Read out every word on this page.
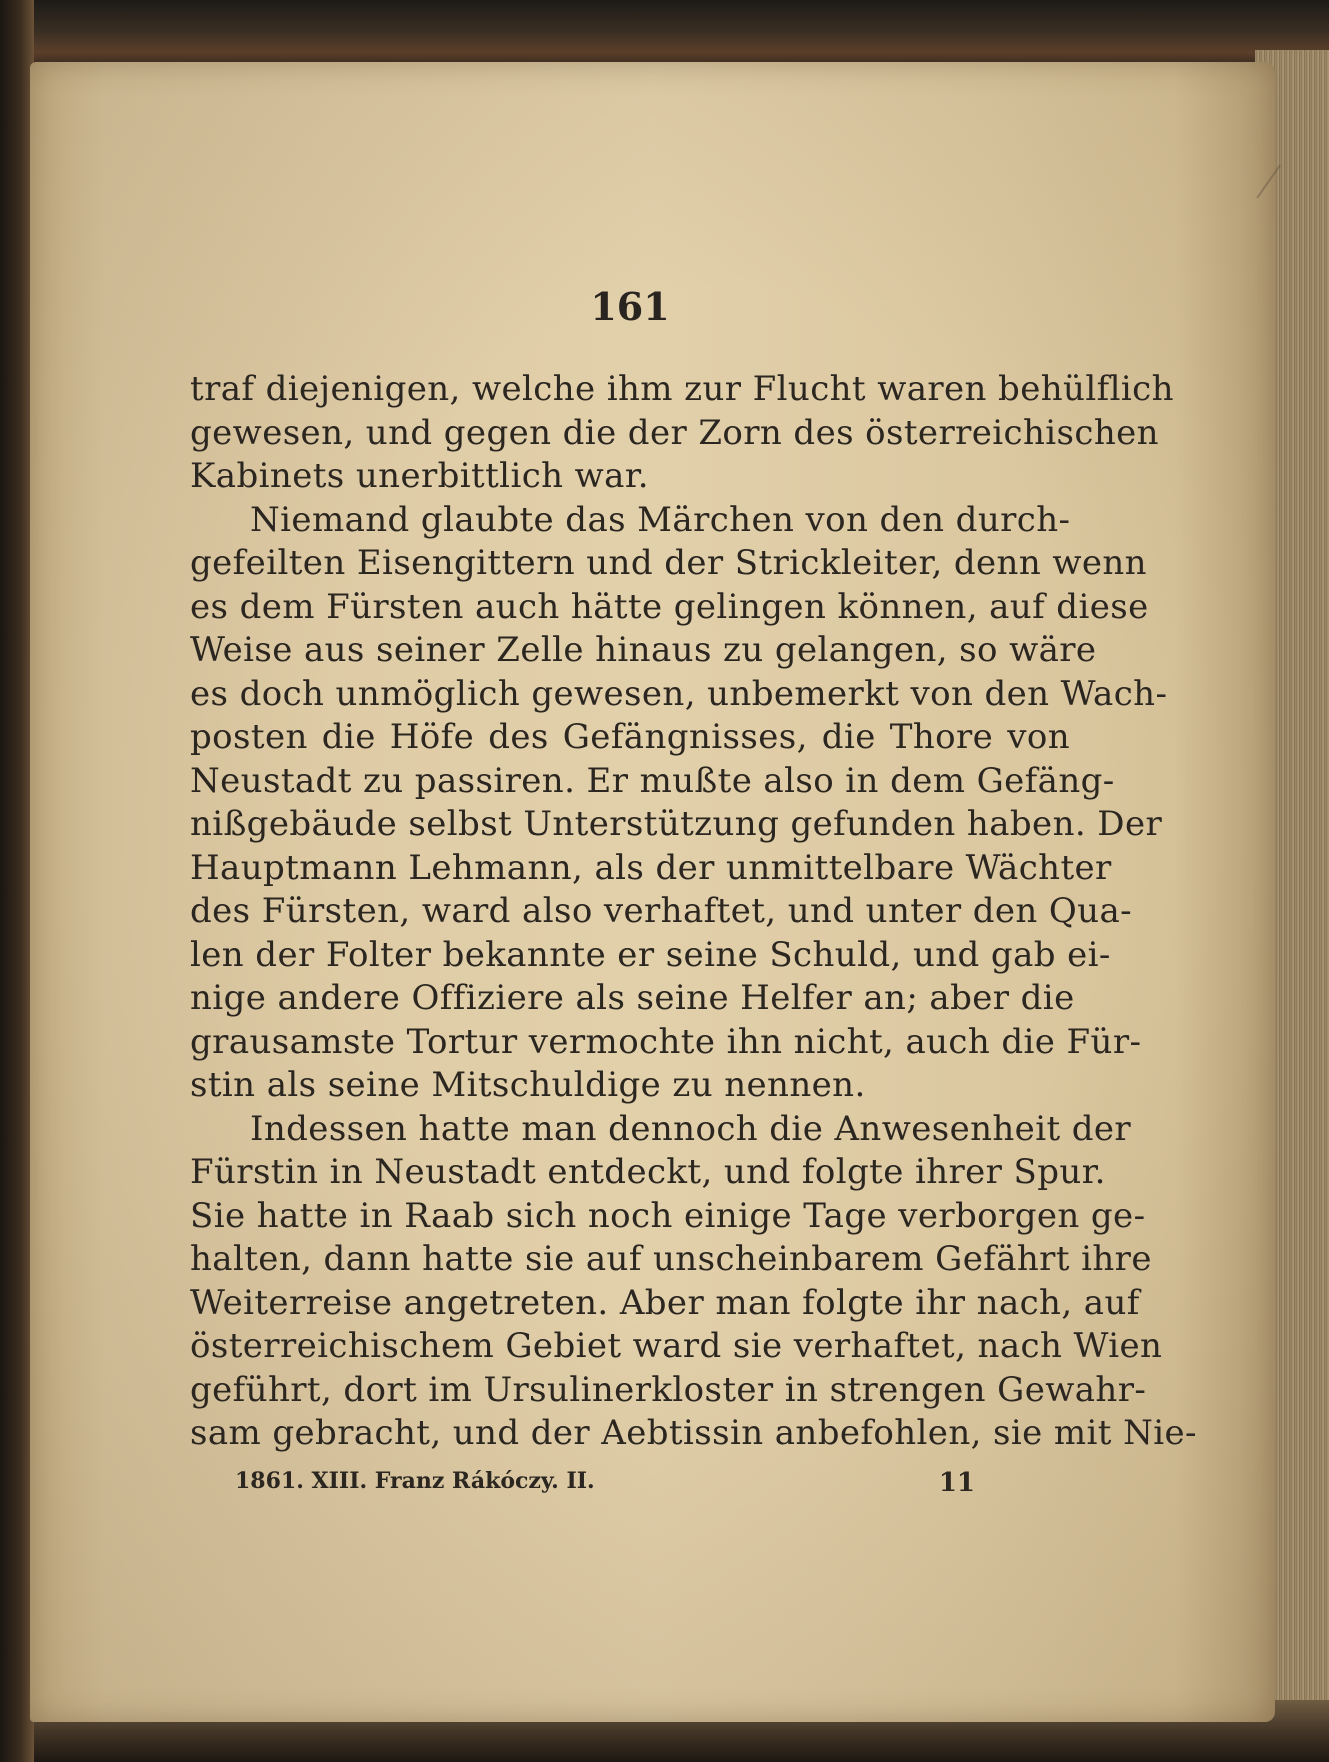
161
traf diejenigen, welche ihm zur Flucht waren behülflich
gewesen, und gegen die der Zorn des österreichischen
Kabinets unerbittlich war.
Niemand glaubte das Märchen von den durch-
gefeilten Eisengittern und der Strickleiter, denn wenn
es dem Fürsten auch hätte gelingen können, auf diese
Weise aus seiner Zelle hinaus zu gelangen, so wäre
es doch unmöglich gewesen, unbemerkt von den Wach-
posten die Höfe des Gefängnisses, die Thore von
Neustadt zu passiren. Er mußte also in dem Gefäng-
nißgebäude selbst Unterstützung gefunden haben. Der
Hauptmann Lehmann, als der unmittelbare Wächter
des Fürsten, ward also verhaftet, und unter den Qua-
len der Folter bekannte er seine Schuld, und gab ei-
nige andere Offiziere als seine Helfer an; aber die
grausamste Tortur vermochte ihn nicht, auch die Für-
stin als seine Mitschuldige zu nennen.
Indessen hatte man dennoch die Anwesenheit der
Fürstin in Neustadt entdeckt, und folgte ihrer Spur.
Sie hatte in Raab sich noch einige Tage verborgen ge-
halten, dann hatte sie auf unscheinbarem Gefährt ihre
Weiterreise angetreten. Aber man folgte ihr nach, auf
österreichischem Gebiet ward sie verhaftet, nach Wien
geführt, dort im Ursulinerkloster in strengen Gewahr-
sam gebracht, und der Aebtissin anbefohlen, sie mit Nie-
1861. XIII. Franz Rákóczy. II.	11
